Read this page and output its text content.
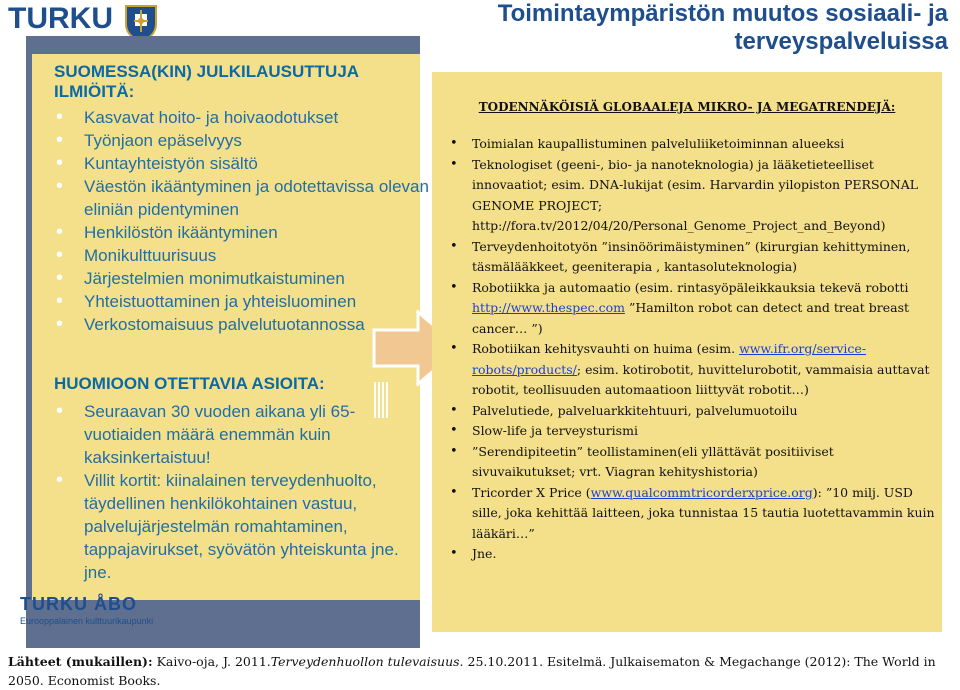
TURKU	Toimintaympäristön muutos sosiaali- ja terveyspalveluissa
SUOMESSA(KIN) JULKILAUSUTTUJA ILMIÖITÄ:
• Kasvavat hoito- ja hoivaodotukset
• Työnjaon epäselvyys
• Kuntayhteistyön sisältö
• Väestön ikääntyminen ja odotettavissa olevan eliniän pidentyminen
• Henkilöstön ikääntyminen
• Monikulttuurisuus
• Järjestelmien monimutkaistuminen
• Yhteistuottaminen ja yhteisluominen
• Verkostomaisuus palvelutuotannossa
HUOMIOON OTETTAVIA ASIOITA:
• Seuraavan 30 vuoden aikana yli 65-vuotiaiden määrä enemmän kuin kaksinkertaistuu!
• Villit kortit: kiinalainen terveydenhuolto, täydellinen henkilökohtainen vastuu, palvelujärjestelmän romahtaminen, tappajavirukset, syövätön yhteiskunta jne. jne.
TURKU ÅBO
Eurooppalainen kulttuurikaupunki
TODENNÄKÖISIÄ GLOBAALEJA MIKRO- JA MEGATRENDEJÄ:
• Toimialan kaupallistuminen palveluliiketoiminnan alueeksi
• Teknologiset (geeni-, bio- ja nanoteknologia) ja lääketieteelliset innovaatiot; esim. DNA-lukijat (esim. Harvardin yilopiston PERSONAL GENOME PROJECT; http://fora.tv/2012/04/20/Personal_Genome_Project_and_Beyond)
• Terveydenhoitotyön ”insinöörimäistyminen” (kirurgian kehittyminen, täsmälääkkeet, geeniterapia , kantasoluteknologia)
• Robotiikka ja automaatio (esim. rintasyöpäleikkauksia tekevä robotti http://www.thespec.com ”Hamilton robot can detect and treat breast cancer… ”)
• Robotiikan kehitysvauhti on huima (esim. www.ifr.org/service-robots/products/; esim. kotirobotit, huvittelurobotit, vammaisia auttavat robotit, teollisuuden automaatioon liittyvät robotit…)
• Palvelutiede, palveluarkkitehtuuri, palvelumuotoilu
• Slow-life ja terveysturismi
• ”Serendipiteetin” teollistaminen(eli yllättävät positiiviset sivuvaikutukset; vrt. Viagran kehityshistoria)
• Tricorder X Price (www.qualcommtricorderxprice.org): ”10 milj. USD sille, joka kehittää laitteen, joka tunnistaa 15 tautia luotettavammin kuin lääkäri…”
• Jne.
Lähteet (mukaillen): Kaivo-oja, J. 2011.Terveydenhuollon tulevaisuus. 25.10.2011. Esitelmä. Julkaisematon & Megachange (2012): The World in 2050. Economist Books.
